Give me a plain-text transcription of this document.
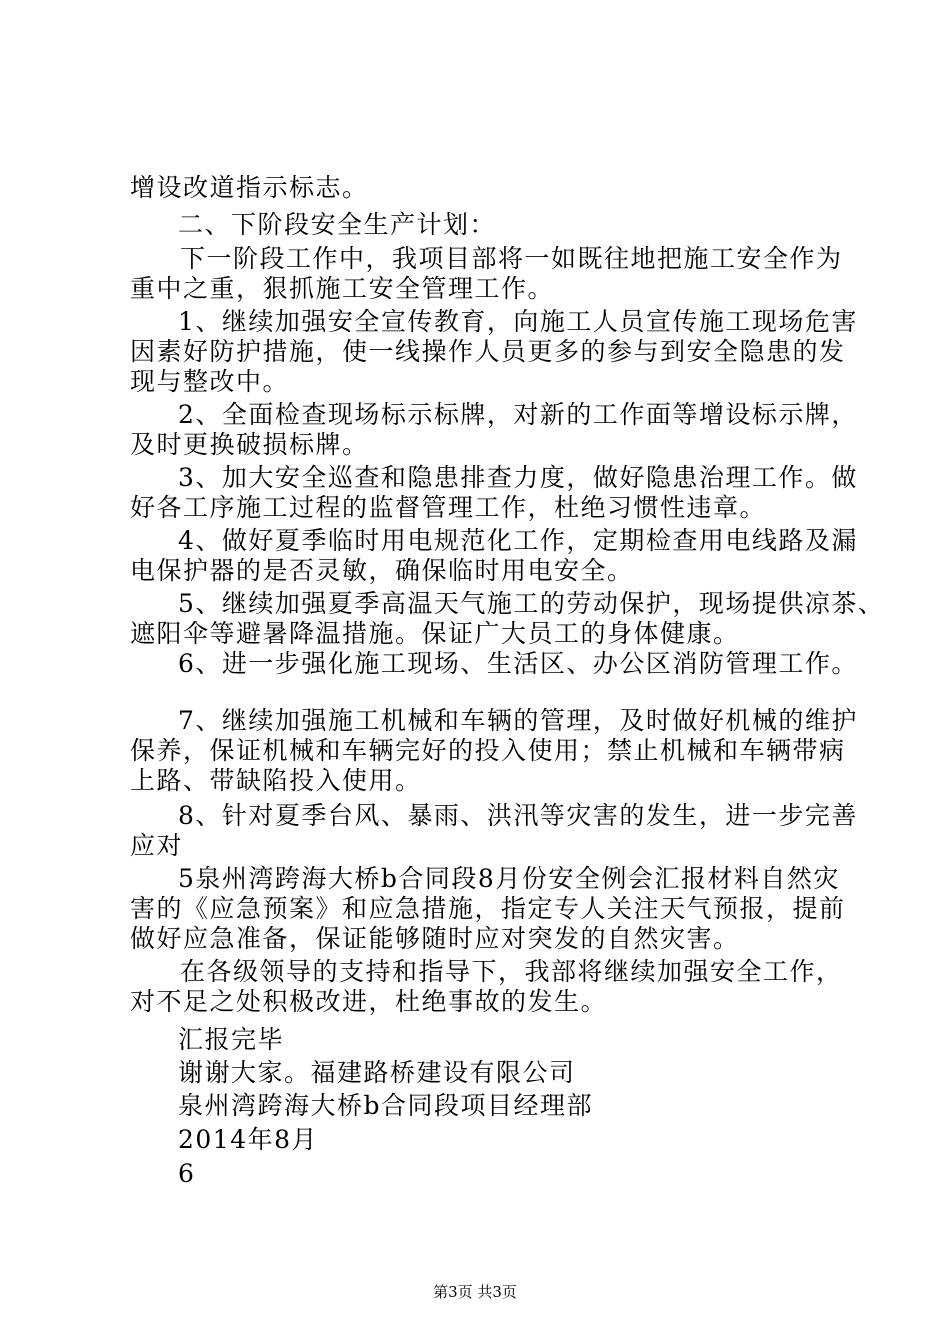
增设改道指示标志。
二、下阶段安全生产计划：
下一阶段工作中，我项目部将一如既往地把施工安全作为
重中之重，狠抓施工安全管理工作。
1、继续加强安全宣传教育，向施工人员宣传施工现场危害
因素好防护措施，使一线操作人员更多的参与到安全隐患的发
现与整改中。
2、全面检查现场标示标牌，对新的工作面等增设标示牌，
及时更换破损标牌。
3、加大安全巡查和隐患排查力度，做好隐患治理工作。做
好各工序施工过程的监督管理工作，杜绝习惯性违章。
4、做好夏季临时用电规范化工作，定期检查用电线路及漏
电保护器的是否灵敏，确保临时用电安全。
5、继续加强夏季高温天气施工的劳动保护，现场提供凉茶、
遮阳伞等避暑降温措施。保证广大员工的身体健康。
6、进一步强化施工现场、生活区、办公区消防管理工作。
7、继续加强施工机械和车辆的管理，及时做好机械的维护
保养，保证机械和车辆完好的投入使用；禁止机械和车辆带病
上路、带缺陷投入使用。
8、针对夏季台风、暴雨、洪汛等灾害的发生，进一步完善
应对
5泉州湾跨海大桥b合同段8月份安全例会汇报材料自然灾
害的《应急预案》和应急措施，指定专人关注天气预报，提前
做好应急准备，保证能够随时应对突发的自然灾害。
在各级领导的支持和指导下，我部将继续加强安全工作，
对不足之处积极改进，杜绝事故的发生。
汇报完毕
谢谢大家。福建路桥建设有限公司
泉州湾跨海大桥b合同段项目经理部
2014年8月
6
第3页 共3页
